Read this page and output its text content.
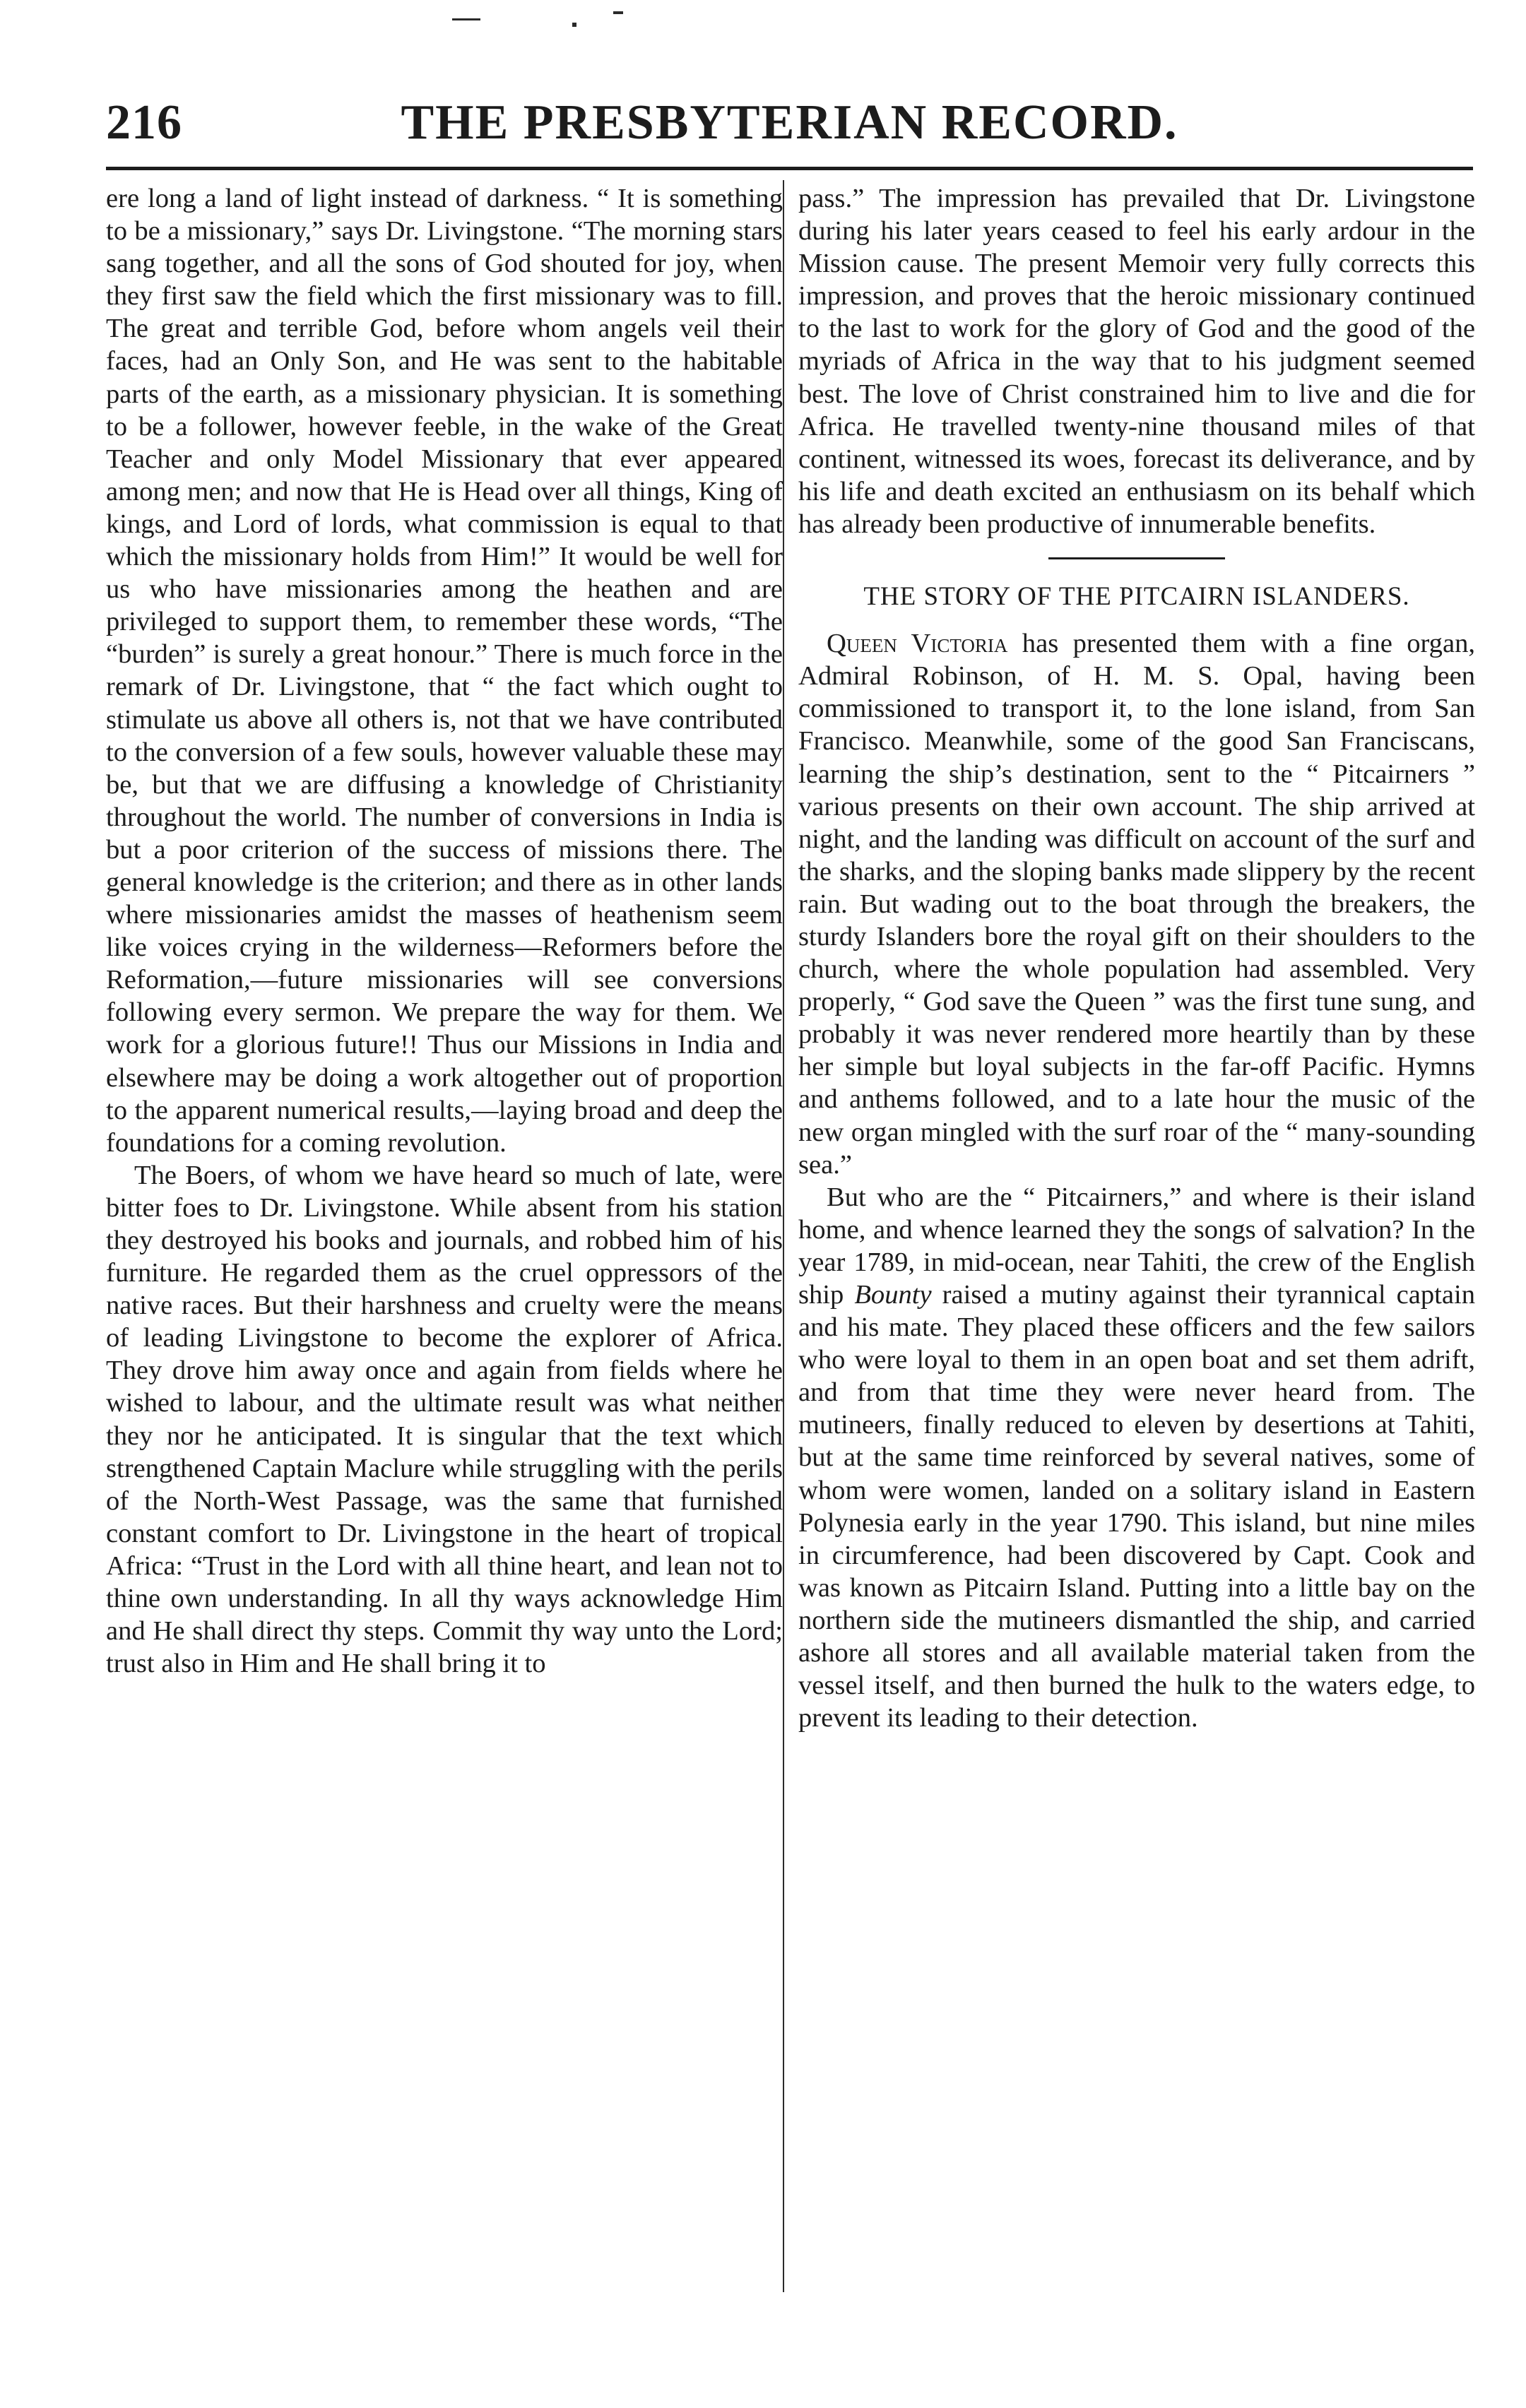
216	THE PRESBYTERIAN RECORD.

ere long a land of light instead of darkness. “ It is something to be a missionary,” says Dr. Livingstone. “The morning stars sang together, and all the sons of God shouted for joy, when they first saw the field which the first missionary was to fill. The great and terrible God, before whom angels veil their faces, had an Only Son, and He was sent to the habitable parts of the earth, as a missionary physician. It is something to be a follower, however feeble, in the wake of the Great Teacher and only Model Missionary that ever appeared among men; and now that He is Head over all things, King of kings, and Lord of lords, what commission is equal to that which the missionary holds from Him!” It would be well for us who have missionaries among the heathen and are privileged to support them, to remember these words, “The “burden” is surely a great honour.” There is much force in the remark of Dr. Livingstone, that “ the fact which ought to stimulate us above all others is, not that we have contributed to the conversion of a few souls, however valuable these may be, but that we are diffusing a knowledge of Christianity throughout the world. The number of conversions in India is but a poor criterion of the success of missions there. The general knowledge is the criterion; and there as in other lands where missionaries amidst the masses of heathenism seem like voices crying in the wilderness—Reformers before the Reformation,—future missionaries will see conversions following every sermon. We prepare the way for them. We work for a glorious future!! Thus our Missions in India and elsewhere may be doing a work altogether out of proportion to the apparent numerical results,—laying broad and deep the foundations for a coming revolution.

The Boers, of whom we have heard so much of late, were bitter foes to Dr. Livingstone. While absent from his station they destroyed his books and journals, and robbed him of his furniture. He regarded them as the cruel oppressors of the native races. But their harshness and cruelty were the means of leading Livingstone to become the explorer of Africa. They drove him away once and again from fields where he wished to labour, and the ultimate result was what neither they nor he anticipated. It is singular that the text which strengthened Captain Maclure while struggling with the perils of the North-West Passage, was the same that furnished constant comfort to Dr. Livingstone in the heart of tropical Africa: “Trust in the Lord with all thine heart, and lean not to thine own understanding. In all thy ways acknowledge Him and He shall direct thy steps. Commit thy way unto the Lord; trust also in Him and He shall bring it to

pass.” The impression has prevailed that Dr. Livingstone during his later years ceased to feel his early ardour in the Mission cause. The present Memoir very fully corrects this impression, and proves that the heroic missionary continued to the last to work for the glory of God and the good of the myriads of Africa in the way that to his judgment seemed best. The love of Christ constrained him to live and die for Africa. He travelled twenty-nine thousand miles of that continent, witnessed its woes, forecast its deliverance, and by his life and death excited an enthusiasm on its behalf which has already been productive of innumerable benefits.

THE STORY OF THE PITCAIRN ISLANDERS.

Queen Victoria has presented them with a fine organ, Admiral Robinson, of H. M. S. Opal, having been commissioned to transport it, to the lone island, from San Francisco. Meanwhile, some of the good San Franciscans, learning the ship’s destination, sent to the “ Pitcairners ” various presents on their own account. The ship arrived at night, and the landing was difficult on account of the surf and the sharks, and the sloping banks made slippery by the recent rain. But wading out to the boat through the breakers, the sturdy Islanders bore the royal gift on their shoulders to the church, where the whole population had assembled. Very properly, “ God save the Queen ” was the first tune sung, and probably it was never rendered more heartily than by these her simple but loyal subjects in the far-off Pacific. Hymns and anthems followed, and to a late hour the music of the new organ mingled with the surf roar of the “ many-sounding sea.”

But who are the “ Pitcairners,” and where is their island home, and whence learned they the songs of salvation? In the year 1789, in mid-ocean, near Tahiti, the crew of the English ship Bounty raised a mutiny against their tyrannical captain and his mate. They placed these officers and the few sailors who were loyal to them in an open boat and set them adrift, and from that time they were never heard from. The mutineers, finally reduced to eleven by desertions at Tahiti, but at the same time reinforced by several natives, some of whom were women, landed on a solitary island in Eastern Polynesia early in the year 1790. This island, but nine miles in circumference, had been discovered by Capt. Cook and was known as Pitcairn Island. Putting into a little bay on the northern side the mutineers dismantled the ship, and carried ashore all stores and all available material taken from the vessel itself, and then burned the hulk to the waters edge, to prevent its leading to their detection.
